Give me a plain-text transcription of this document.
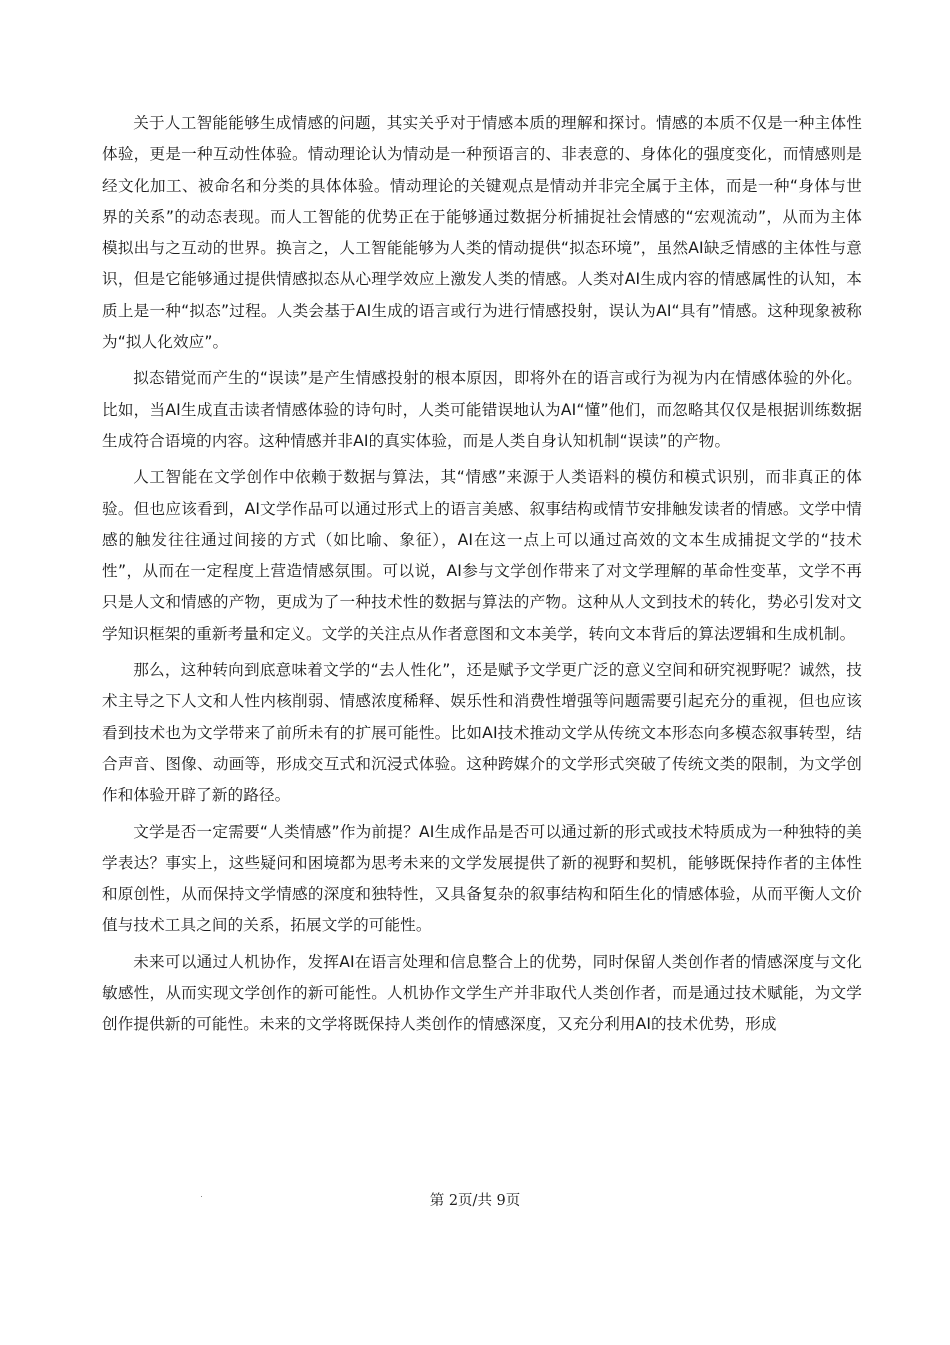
关于人工智能能够生成情感的问题，其实关乎对于情感本质的理解和探讨。情感的本质不仅是一种主体性体验，更是一种互动性体验。情动理论认为情动是一种预语言的、非表意的、身体化的强度变化，而情感则是经文化加工、被命名和分类的具体体验。情动理论的关键观点是情动并非完全属于主体，而是一种“身体与世界的关系”的动态表现。而人工智能的优势正在于能够通过数据分析捕捉社会情感的“宏观流动”，从而为主体模拟出与之互动的世界。换言之，人工智能能够为人类的情动提供“拟态环境”，虽然AI缺乏情感的主体性与意识，但是它能够通过提供情感拟态从心理学效应上激发人类的情感。人类对AI生成内容的情感属性的认知，本质上是一种“拟态”过程。人类会基于AI生成的语言或行为进行情感投射，误认为AI“具有”情感。这种现象被称为“拟人化效应”。

拟态错觉而产生的“误读”是产生情感投射的根本原因，即将外在的语言或行为视为内在情感体验的外化。比如，当AI生成直击读者情感体验的诗句时，人类可能错误地认为AI“懂”他们，而忽略其仅仅是根据训练数据生成符合语境的内容。这种情感并非AI的真实体验，而是人类自身认知机制“误读”的产物。

人工智能在文学创作中依赖于数据与算法，其“情感”来源于人类语料的模仿和模式识别，而非真正的体验。但也应该看到，AI文学作品可以通过形式上的语言美感、叙事结构或情节安排触发读者的情感。文学中情感的触发往往通过间接的方式（如比喻、象征），AI在这一点上可以通过高效的文本生成捕捉文学的“技术性”，从而在一定程度上营造情感氛围。可以说，AI参与文学创作带来了对文学理解的革命性变革，文学不再只是人文和情感的产物，更成为了一种技术性的数据与算法的产物。这种从人文到技术的转化，势必引发对文学知识框架的重新考量和定义。文学的关注点从作者意图和文本美学，转向文本背后的算法逻辑和生成机制。

那么，这种转向到底意味着文学的“去人性化”，还是赋予文学更广泛的意义空间和研究视野呢？诚然，技术主导之下人文和人性内核削弱、情感浓度稀释、娱乐性和消费性增强等问题需要引起充分的重视，但也应该看到技术也为文学带来了前所未有的扩展可能性。比如AI技术推动文学从传统文本形态向多模态叙事转型，结合声音、图像、动画等，形成交互式和沉浸式体验。这种跨媒介的文学形式突破了传统文类的限制，为文学创作和体验开辟了新的路径。

文学是否一定需要“人类情感”作为前提？AI生成作品是否可以通过新的形式或技术特质成为一种独特的美学表达？事实上，这些疑问和困境都为思考未来的文学发展提供了新的视野和契机，能够既保持作者的主体性和原创性，从而保持文学情感的深度和独特性，又具备复杂的叙事结构和陌生化的情感体验，从而平衡人文价值与技术工具之间的关系，拓展文学的可能性。

未来可以通过人机协作，发挥AI在语言处理和信息整合上的优势，同时保留人类创作者的情感深度与文化敏感性，从而实现文学创作的新可能性。人机协作文学生产并非取代人类创作者，而是通过技术赋能，为文学创作提供新的可能性。未来的文学将既保持人类创作的情感深度，又充分利用AI的技术优势，形成

第 2页/共 9页
